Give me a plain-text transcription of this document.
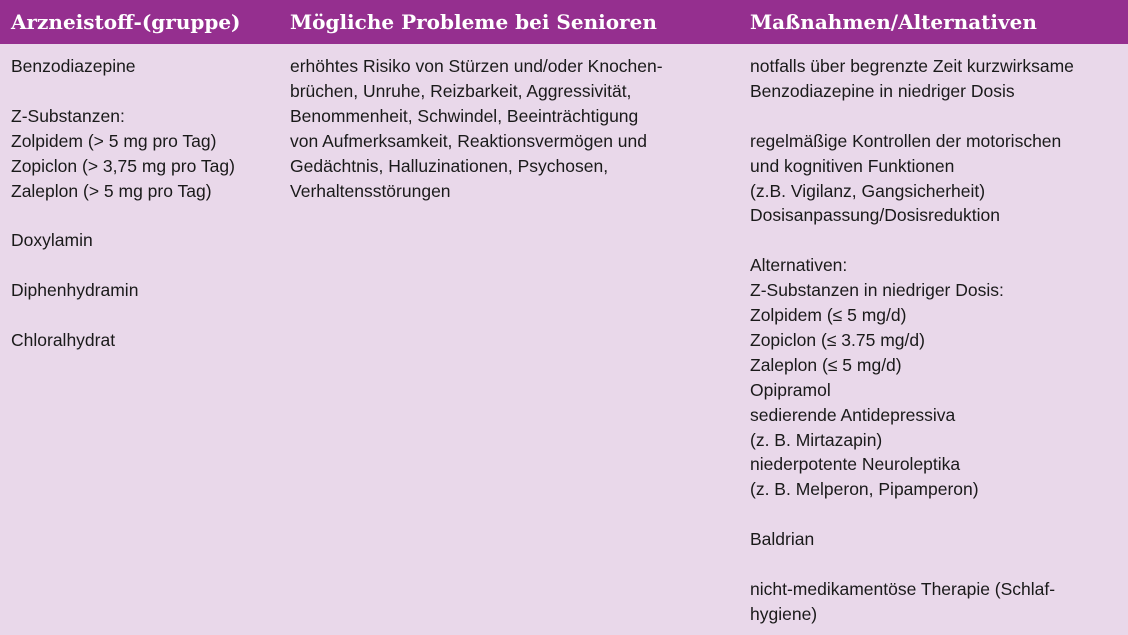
Arzneistoff-(gruppe) Mögliche Probleme bei Senioren	Maßnahmen/Alternativen
Benzodiazepine
Z-Substanzen:
Zolpidem (> 5 mg pro Tag)
Zopiclon (> 3,75 mg pro Tag)
Zaleplon (> 5 mg pro Tag)
Doxylamin
Diphenhydramin
Chloralhydrat
erhöhtes Risiko von Stürzen und/oder Knochen-
brüchen, Unruhe, Reizbarkeit, Aggressivität,
Benommenheit, Schwindel, Beeinträchtigung
von Aufmerksamkeit, Reaktionsvermögen und
Gedächtnis, Halluzinationen, Psychosen,
Verhaltensstörungen
notfalls über begrenzte Zeit kurzwirksame
Benzodiazepine in niedriger Dosis
regelmäßige Kontrollen der motorischen
und kognitiven Funktionen
(z.B. Vigilanz, Gangsicherheit)
Dosisanpassung/Dosisreduktion
Alternativen:
Z-Substanzen in niedriger Dosis:
Zolpidem (≤ 5 mg/d)
Zopiclon (≤ 3.75 mg/d)
Zaleplon (≤ 5 mg/d)
Opipramol
sedierende Antidepressiva
(z. B. Mirtazapin)
niederpotente Neuroleptika
(z. B. Melperon, Pipamperon)
Baldrian
nicht-medikamentöse Therapie (Schlaf-
hygiene)
